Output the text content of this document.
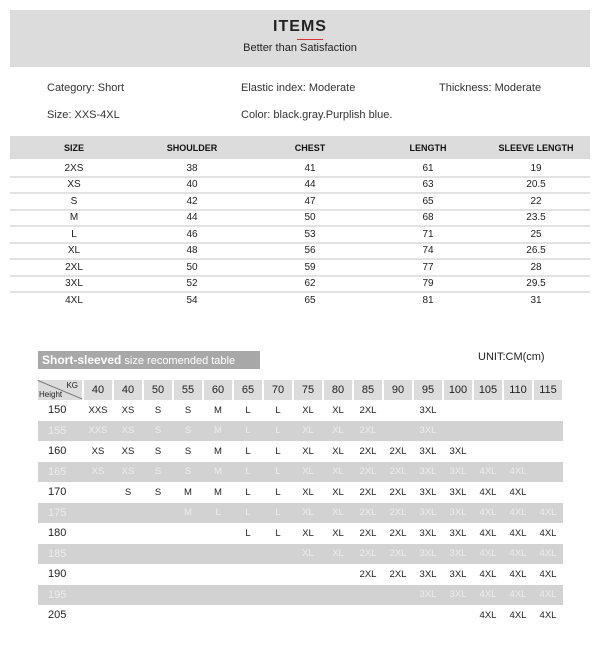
ITEMS
Better than Satisfaction
Category: Short	Elastic index: Moderate	Thickness: Moderate
Size: XXS-4XL	Color: black.gray.Purplish blue.
SIZE	SHOULDER	CHEST	LENGTH	SLEEVE LENGTH
2XS	38	41	61	19
XS	40	44	63	20.5
S	42	47	65	22
M	44	50	68	23.5
L	46	53	71	25
XL	48	56	74	26.5
2XL	50	59	77	28
3XL	52	62	79	29.5
4XL	54	65	81	31
Short-sleeved size recomended table	UNIT:CM(cm)
KG
Height	40	40	50	55	60	65	70	75	80	85	90	95	100	105	110	115
150	XXS	XS	S	S	M	L	L	XL	XL	2XL		3XL				
155	XXS	XS	S	S	M	L	L	XL	XL	2XL		3XL				
160	XS	XS	S	S	M	L	L	XL	XL	2XL	2XL	3XL	3XL			
165	XS	XS	S	S	M	L	L	XL	XL	2XL	2XL	3XL	3XL	4XL	4XL	
170		S	S	M	M	L	L	XL	XL	2XL	2XL	3XL	3XL	4XL	4XL	
175				M	L	L	L	XL	XL	2XL	2XL	3XL	3XL	4XL	4XL	4XL
180						L	L	XL	XL	2XL	2XL	3XL	3XL	4XL	4XL	4XL
185								XL	XL	2XL	2XL	3XL	3XL	4XL	4XL	4XL
190										2XL	2XL	3XL	3XL	4XL	4XL	4XL
195												3XL	3XL	4XL	4XL	4XL
205														4XL	4XL	4XL
